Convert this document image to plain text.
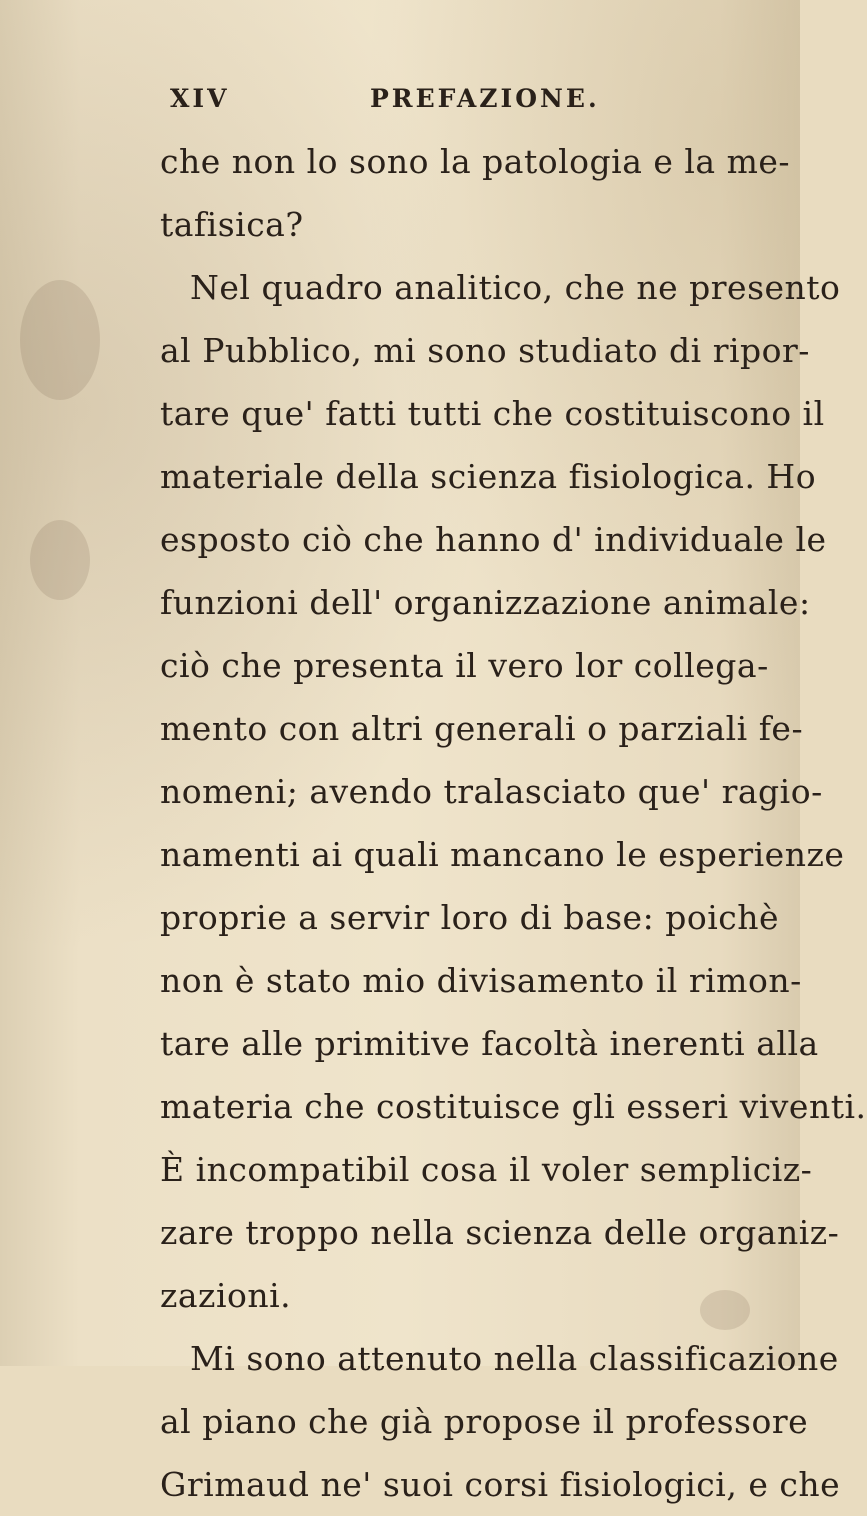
XIV	PREFAZIONE.
che non lo sono la patologia e la me-
tafisica?
Nel quadro analitico, che ne presento
al Pubblico, mi sono studiato di ripor-
tare que' fatti tutti che costituiscono il
materiale della scienza fisiologica. Ho
esposto ciò che hanno d' individuale le
funzioni dell' organizzazione animale:
ciò che presenta il vero lor collega-
mento con altri generali o parziali fe-
nomeni; avendo tralasciato que' ragio-
namenti ai quali mancano le esperienze
proprie a servir loro di base: poichè
non è stato mio divisamento il rimon-
tare alle primitive facoltà inerenti alla
materia che costituisce gli esseri viventi.
È incompatibil cosa il voler sempliciz-
zare troppo nella scienza delle organiz-
zazioni.
Mi sono attenuto nella classificazione
al piano che già propose il professore
Grimaud ne' suoi corsi fisiologici, e che
